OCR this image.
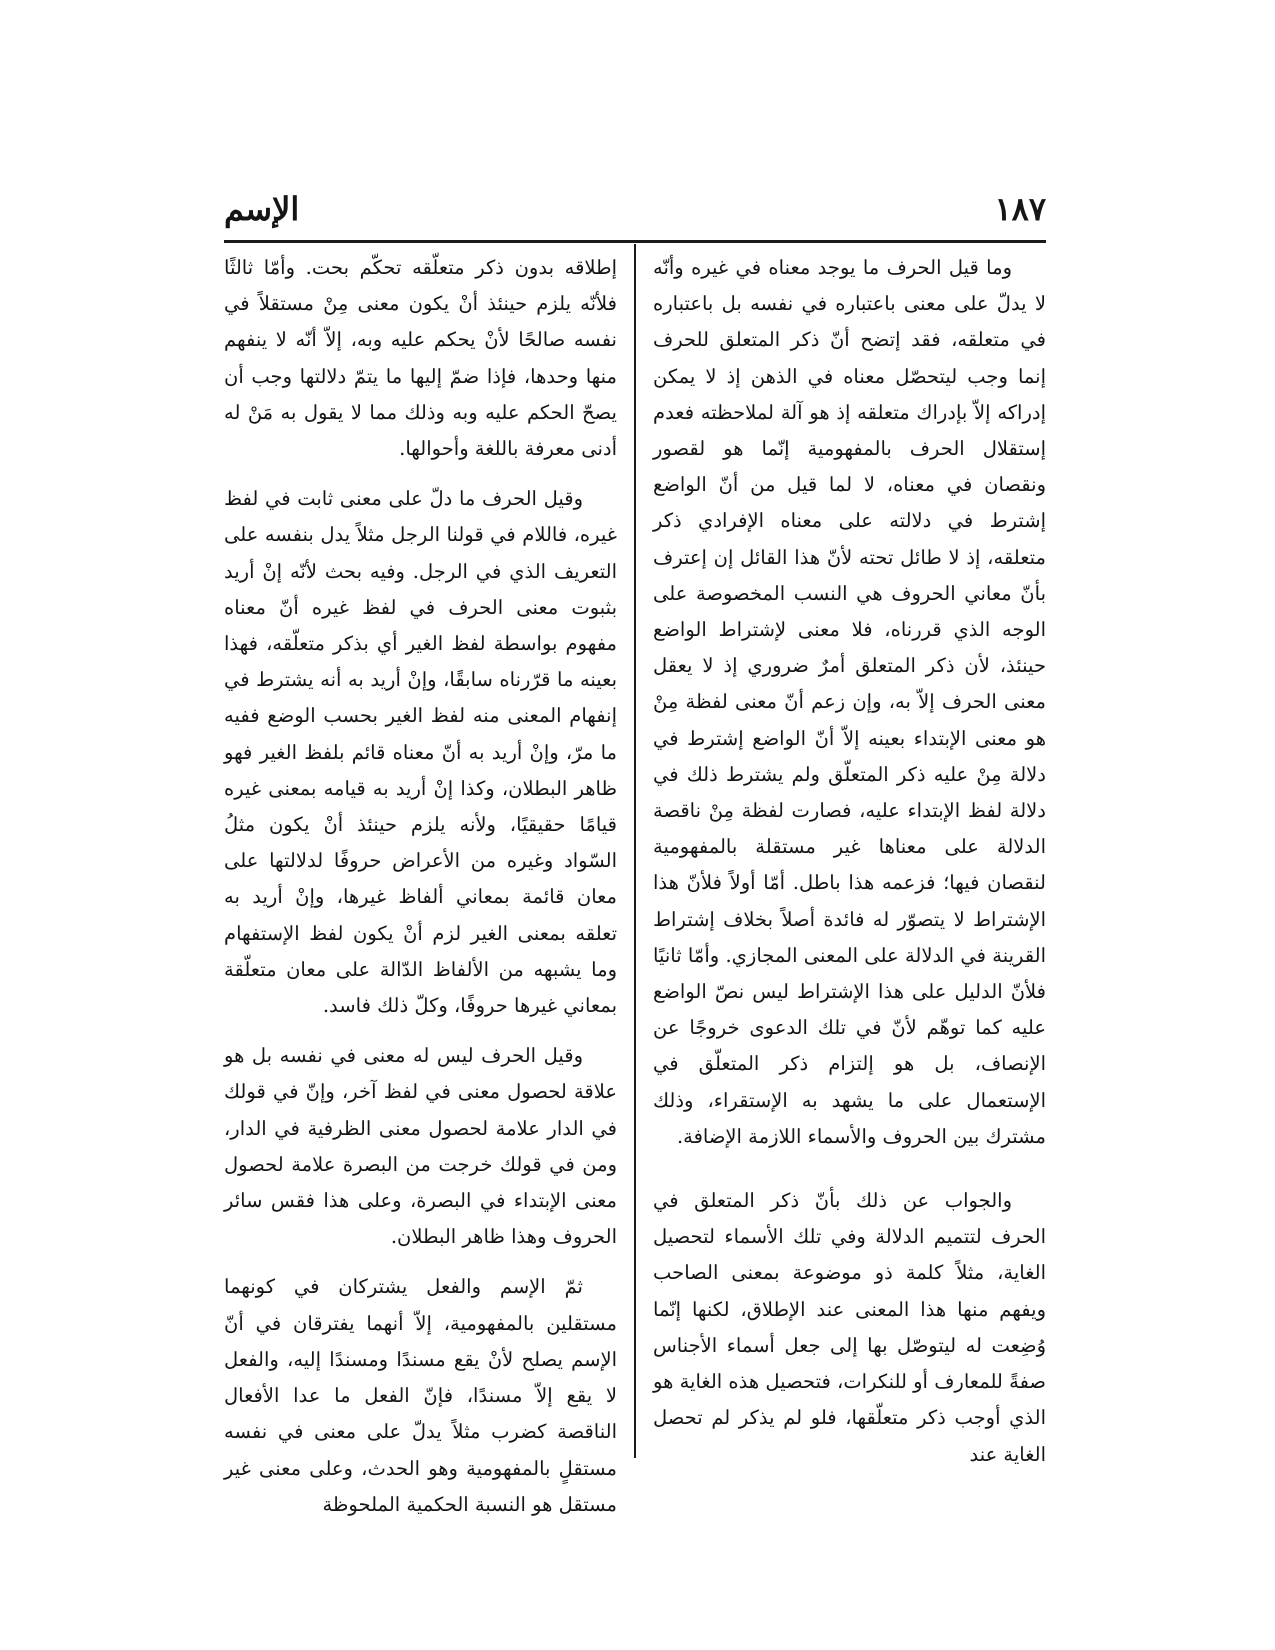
١٨٧
الإسم

وما قيل الحرف ما يوجد معناه في غيره وأنّه لا يدلّ على معنى باعتباره في نفسه بل باعتباره في متعلقه، فقد إتضح أنّ ذكر المتعلق للحرف إنما وجب ليتحصّل معناه في الذهن إذ لا يمكن إدراكه إلاّ بإدراك متعلقه إذ هو آلة لملاحظته فعدم إستقلال الحرف بالمفهومية إنّما هو لقصور ونقصان في معناه، لا لما قيل من أنّ الواضع إشترط في دلالته على معناه الإفرادي ذكر متعلقه، إذ لا طائل تحته لأنّ هذا القائل إن إعترف بأنّ معاني الحروف هي النسب المخصوصة على الوجه الذي قررناه، فلا معنى لإشتراط الواضع حينئذ، لأن ذكر المتعلق أمرٌ ضروري إذ لا يعقل معنى الحرف إلاّ به، وإن زعم أنّ معنى لفظة مِنْ هو معنى الإبتداء بعينه إلاّ أنّ الواضع إشترط في دلالة مِنْ عليه ذكر المتعلّق ولم يشترط ذلك في دلالة لفظ الإبتداء عليه، فصارت لفظة مِنْ ناقصة الدلالة على معناها غير مستقلة بالمفهومية لنقصان فيها؛ فزعمه هذا باطل. أمّا أولاً فلأنّ هذا الإشتراط لا يتصوّر له فائدة أصلاً بخلاف إشتراط القرينة في الدلالة على المعنى المجازي. وأمّا ثانيًا فلأنّ الدليل على هذا الإشتراط ليس نصّ الواضع عليه كما توهّم لأنّ في تلك الدعوى خروجًا عن الإنصاف، بل هو إلتزام ذكر المتعلّق في الإستعمال على ما يشهد به الإستقراء، وذلك مشترك بين الحروف والأسماء اللازمة الإضافة.

والجواب عن ذلك بأنّ ذكر المتعلق في الحرف لتتميم الدلالة وفي تلك الأسماء لتحصيل الغاية، مثلاً كلمة ذو موضوعة بمعنى الصاحب ويفهم منها هذا المعنى عند الإطلاق، لكنها إنّما وُضِعت له ليتوصّل بها إلى جعل أسماء الأجناس صفةً للمعارف أو للنكرات، فتحصيل هذه الغاية هو الذي أوجب ذكر متعلّقها، فلو لم يذكر لم تحصل الغاية عند

إطلاقه بدون ذكر متعلّقه تحكّم بحت. وأمّا ثالثًا فلأنّه يلزم حينئذ أنْ يكون معنى مِنْ مستقلاً في نفسه صالحًا لأنْ يحكم عليه وبه، إلاّ أنّه لا ينفهم منها وحدها، فإذا ضمّ إليها ما يتمّ دلالتها وجب أن يصحّ الحكم عليه وبه وذلك مما لا يقول به مَنْ له أدنى معرفة باللغة وأحوالها.

وقيل الحرف ما دلّ على معنى ثابت في لفظ غيره، فاللام في قولنا الرجل مثلاً يدل بنفسه على التعريف الذي في الرجل. وفيه بحث لأنّه إنْ أريد بثبوت معنى الحرف في لفظ غيره أنّ معناه مفهوم بواسطة لفظ الغير أي بذكر متعلّقه، فهذا بعينه ما قرّرناه سابقًا، وإنْ أريد به أنه يشترط في إنفهام المعنى منه لفظ الغير بحسب الوضع ففيه ما مرّ، وإنْ أريد به أنّ معناه قائم بلفظ الغير فهو ظاهر البطلان، وكذا إنْ أريد به قيامه بمعنى غيره قيامًا حقيقيًا، ولأنه يلزم حينئذ أنْ يكون مثلُ السّواد وغيره من الأعراض حروفًا لدلالتها على معان قائمة بمعاني ألفاظ غيرها، وإنْ أريد به تعلقه بمعنى الغير لزم أنْ يكون لفظ الإستفهام وما يشبهه من الألفاظ الدّالة على معان متعلّقة بمعاني غيرها حروفًا، وكلّ ذلك فاسد.

وقيل الحرف ليس له معنى في نفسه بل هو علاقة لحصول معنى في لفظ آخر، وإنّ في قولك في الدار علامة لحصول معنى الظرفية في الدار، ومن في قولك خرجت من البصرة علامة لحصول معنى الإبتداء في البصرة، وعلى هذا فقس سائر الحروف وهذا ظاهر البطلان.

ثمّ الإسم والفعل يشتركان في كونهما مستقلين بالمفهومية، إلاّ أنهما يفترقان في أنّ الإسم يصلح لأنْ يقع مسندًا ومسندًا إليه، والفعل لا يقع إلاّ مسندًا، فإنّ الفعل ما عدا الأفعال الناقصة كضرب مثلاً يدلّ على معنى في نفسه مستقلٍ بالمفهومية وهو الحدث، وعلى معنى غير مستقل هو النسبة الحكمية الملحوظة
